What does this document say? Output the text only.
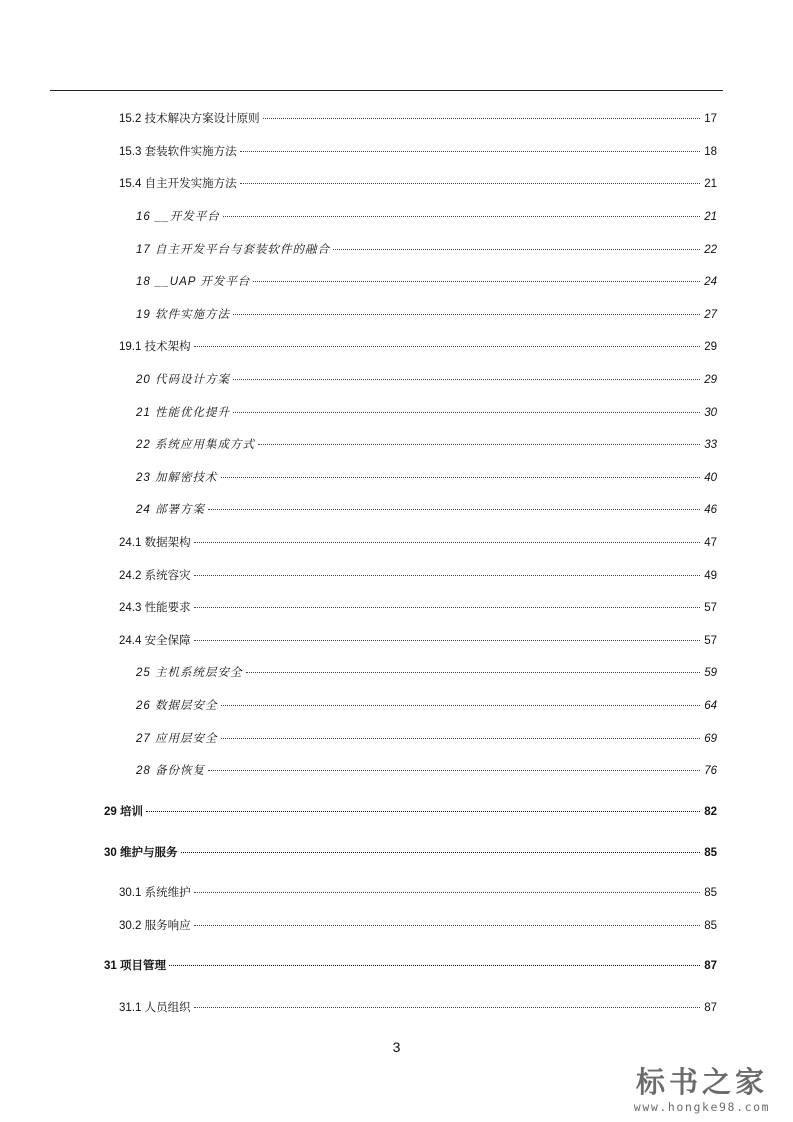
15.2 技术解决方案设计原则	17
15.3 套装软件实施方法	18
15.4 自主开发实施方法	21
16 __开发平台	21
17 自主开发平台与套装软件的融合	22
18 __UAP 开发平台	24
19 软件实施方法	27
19.1 技术架构	29
20 代码设计方案	29
21 性能优化提升	30
22 系统应用集成方式	33
23 加解密技术	40
24 部署方案	46
24.1 数据架构	47
24.2 系统容灾	49
24.3 性能要求	57
24.4 安全保障	57
25 主机系统层安全	59
26 数据层安全	64
27 应用层安全	69
28 备份恢复	76
29 培训	82
30 维护与服务	85
30.1 系统维护	85
30.2 服务响应	85
31 项目管理	87
31.1 人员组织	87
3
标书之家
www.hongke98.com
